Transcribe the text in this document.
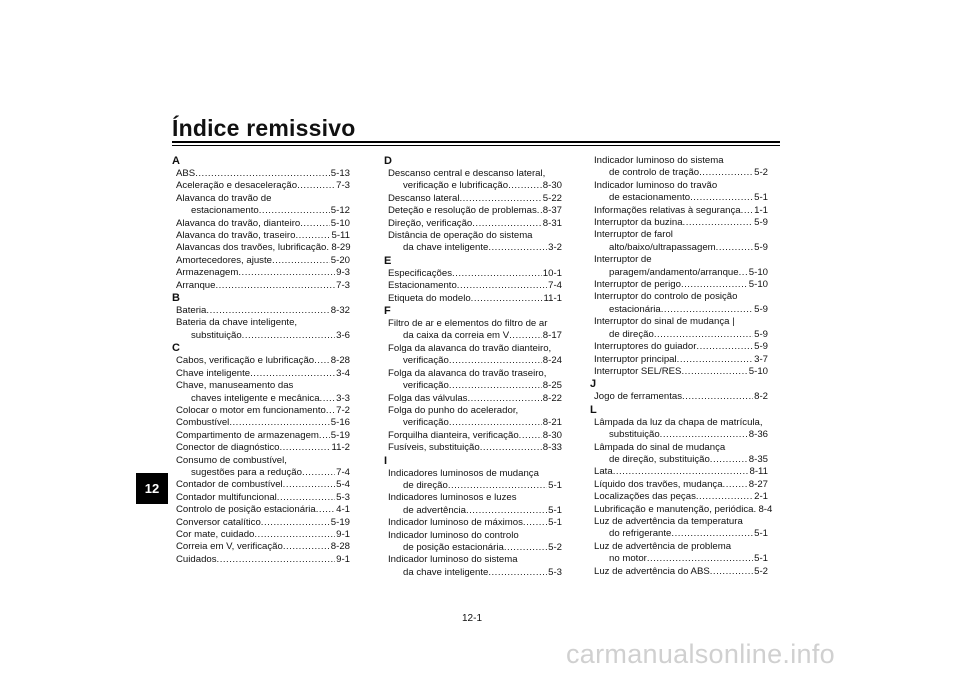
Índice remissivo
12
A
ABS .....	5-13
Aceleração e desaceleração .....	7-3
Alavanca do travão de
estacionamento .....	5-12
Alavanca do travão, dianteiro .....	5-10
Alavanca do travão, traseiro .....	5-11
Alavancas dos travões, lubrificação ..... 8-29
Amortecedores, ajuste .....	5-20
Armazenagem .....	9-3
Arranque .....	7-3
B
Bateria .....	8-32
Bateria da chave inteligente,
substituição .....	3-6
C
Cabos, verificação e lubrificação ..... 8-28
Chave inteligente .....	3-4
Chave, manuseamento das
chaves inteligente e mecânica ..... 3-3
Colocar o motor em funcionamento ..... 7-2
Combustível .....	5-16
Compartimento de armazenagem ..... 5-19
Conector de diagnóstico .....	11-2
Consumo de combustível,
sugestões para a redução .....	7-4
Contador de combustível .....	5-4
Contador multifuncional .....	5-3
Controlo de posição estacionária ..... 4-1
Conversor catalítico .....	5-19
Cor mate, cuidado .....	9-1
Correia em V, verificação .....	8-28
Cuidados .....	9-1
D
Descanso central e descanso lateral,
verificação e lubrificação .....	8-30
Descanso lateral .....	5-22
Deteção e resolução de problemas ..... 8-37
Direção, verificação .....	8-31
Distância de operação do sistema
da chave inteligente .....	3-2
E
Especificações .....	10-1
Estacionamento .....	7-4
Etiqueta do modelo .....	11-1
F
Filtro de ar e elementos do filtro de ar
da caixa da correia em V .....	8-17
Folga da alavanca do travão dianteiro,
verificação .....	8-24
Folga da alavanca do travão traseiro,
verificação .....	8-25
Folga das válvulas .....	8-22
Folga do punho do acelerador,
verificação .....	8-21
Forquilha dianteira, verificação .....	8-30
Fusíveis, substituição .....	8-33
I
Indicadores luminosos de mudança
de direção .....	5-1
Indicadores luminosos e luzes
de advertência .....	5-1
Indicador luminoso de máximos .....	5-1
Indicador luminoso do controlo
de posição estacionária .....	5-2
Indicador luminoso do sistema
da chave inteligente .....	5-3
Indicador luminoso do sistema
de controlo de tração .....	5-2
Indicador luminoso do travão
de estacionamento .....	5-1
Informações relativas à segurança ..... 1-1
Interruptor da buzina .....	5-9
Interruptor de farol
alto/baixo/ultrapassagem .....	5-9
Interruptor de
paragem/andamento/arranque ..... 5-10
Interruptor de perigo .....	5-10
Interruptor do controlo de posição
estacionária .....	5-9
Interruptor do sinal de mudança |
de direção .....	5-9
Interruptores do guiador .....	5-9
Interruptor principal .....	3-7
Interruptor SEL/RES .....	5-10
J
Jogo de ferramentas .....	8-2
L
Lâmpada da luz da chapa de matrícula,
substituição .....	8-36
Lâmpada do sinal de mudança
de direção, substituição .....	8-35
Lata .....	8-11
Líquido dos travões, mudança .....	8-27
Localizações das peças .....	2-1
Lubrificação e manutenção, periódica ..... 8-4
Luz de advertência da temperatura
do refrigerante .....	5-1
Luz de advertência de problema
no motor .....	5-1
Luz de advertência do ABS .....	5-2
12-1
carmanualsonline.info
